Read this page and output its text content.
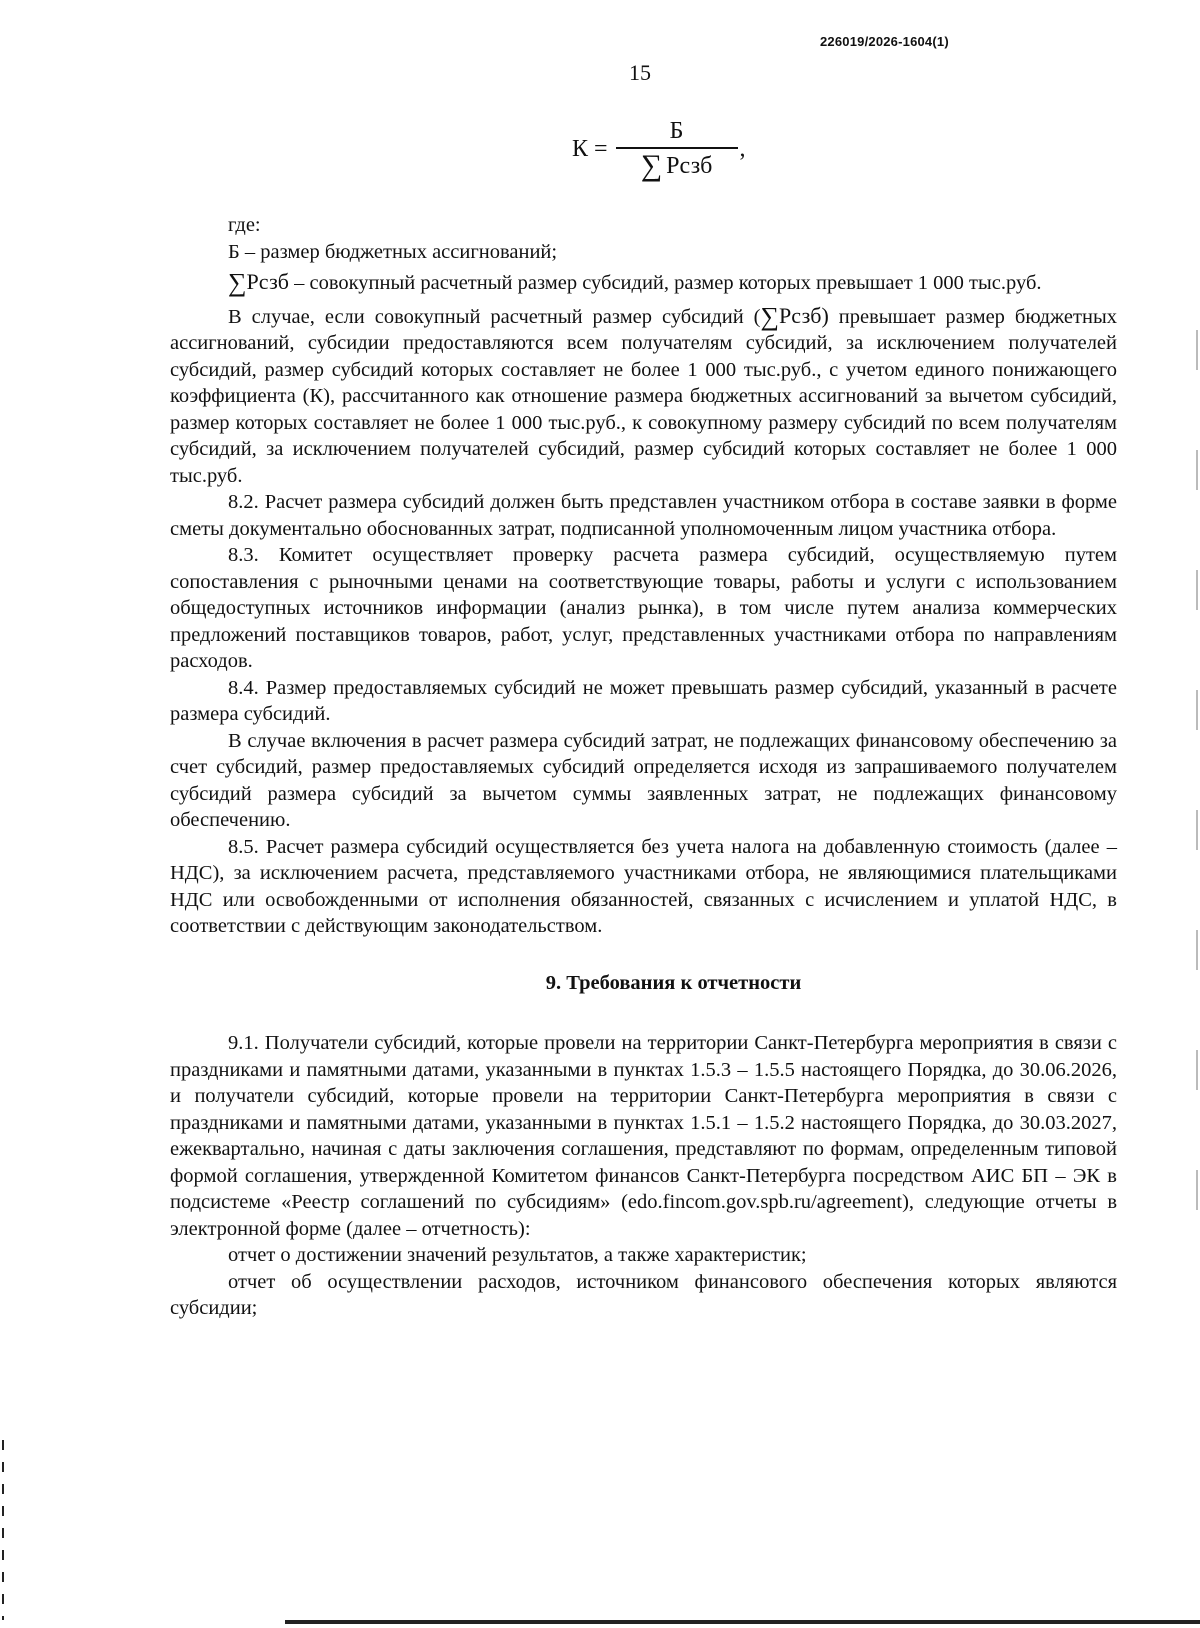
226019/2026-1604(1)
15
$К = \frac{Б}{\text{∑ Рсзб}}$ ,

где:

Б – размер бюджетных ассигнований;

∑Рсзб – совокупный расчетный размер субсидий, размер которых превышает 1 000 тыс.руб.

В случае, если совокупный расчетный размер субсидий (∑Рсзб) превышает размер бюджетных ассигнований, субсидии предоставляются всем получателям субсидий, за исключением получателей субсидий, размер субсидий которых составляет не более 1 000 тыс.руб., с учетом единого понижающего коэффициента (К), рассчитанного как отношение размера бюджетных ассигнований за вычетом субсидий, размер которых составляет не более 1 000 тыс.руб., к совокупному размеру субсидий по всем получателям субсидий, за исключением получателей субсидий, размер субсидий которых составляет не более 1 000 тыс.руб.

8.2. Расчет размера субсидий должен быть представлен участником отбора в составе заявки в форме сметы документально обоснованных затрат, подписанной уполномоченным лицом участника отбора.

8.3. Комитет осуществляет проверку расчета размера субсидий, осуществляемую путем сопоставления с рыночными ценами на соответствующие товары, работы и услуги с использованием общедоступных источников информации (анализ рынка), в том числе путем анализа коммерческих предложений поставщиков товаров, работ, услуг, представленных участниками отбора по направлениям расходов.

8.4. Размер предоставляемых субсидий не может превышать размер субсидий, указанный в расчете размера субсидий.

В случае включения в расчет размера субсидий затрат, не подлежащих финансовому обеспечению за счет субсидий, размер предоставляемых субсидий определяется исходя из запрашиваемого получателем субсидий размера субсидий за вычетом суммы заявленных затрат, не подлежащих финансовому обеспечению.

8.5. Расчет размера субсидий осуществляется без учета налога на добавленную стоимость (далее – НДС), за исключением расчета, представляемого участниками отбора, не являющимися плательщиками НДС или освобожденными от исполнения обязанностей, связанных с исчислением и уплатой НДС, в соответствии с действующим законодательством.

9. Требования к отчетности

9.1. Получатели субсидий, которые провели на территории Санкт-Петербурга мероприятия в связи с праздниками и памятными датами, указанными в пунктах 1.5.3 – 1.5.5 настоящего Порядка, до 30.06.2026, и получатели субсидий, которые провели на территории Санкт-Петербурга мероприятия в связи с праздниками и памятными датами, указанными в пунктах 1.5.1 – 1.5.2 настоящего Порядка, до 30.03.2027, ежеквартально, начиная с даты заключения соглашения, представляют по формам, определенным типовой формой соглашения, утвержденной Комитетом финансов Санкт-Петербурга посредством АИС БП – ЭК в подсистеме «Реестр соглашений по субсидиям» (edo.fincom.gov.spb.ru/agreement), следующие отчеты в электронной форме (далее – отчетность):

отчет о достижении значений результатов, а также характеристик;

отчет об осуществлении расходов, источником финансового обеспечения которых являются субсидии;
